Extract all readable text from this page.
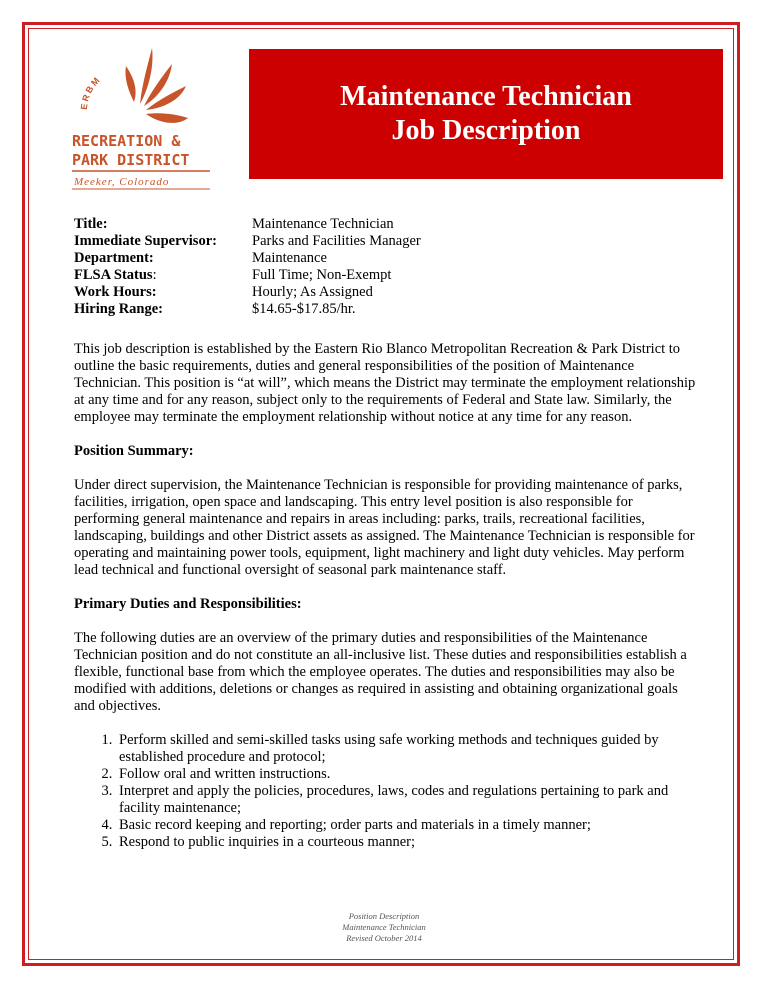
ERBM
RECREATION &
PARK DISTRICT
Meeker, Colorado
Maintenance Technician
Job Description
Title:	Maintenance Technician
Immediate Supervisor:	Parks and Facilities Manager
Department:	Maintenance
FLSA Status:	Full Time; Non-Exempt
Work Hours:	Hourly; As Assigned
Hiring Range:	$14.65-$17.85/hr.

This job description is established by the Eastern Rio Blanco Metropolitan Recreation & Park District to outline the basic requirements, duties and general responsibilities of the position of Maintenance Technician. This position is “at will”, which means the District may terminate the employment relationship at any time and for any reason, subject only to the requirements of Federal and State law. Similarly, the employee may terminate the employment relationship without notice at any time for any reason.

Position Summary:

Under direct supervision, the Maintenance Technician is responsible for providing maintenance of parks, facilities, irrigation, open space and landscaping. This entry level position is also responsible for performing general maintenance and repairs in areas including: parks, trails, recreational facilities, landscaping, buildings and other District assets as assigned. The Maintenance Technician is responsible for operating and maintaining power tools, equipment, light machinery and light duty vehicles. May perform lead technical and functional oversight of seasonal park maintenance staff.

Primary Duties and Responsibilities:

The following duties are an overview of the primary duties and responsibilities of the Maintenance Technician position and do not constitute an all-inclusive list. These duties and responsibilities establish a flexible, functional base from which the employee operates. The duties and responsibilities may also be modified with additions, deletions or changes as required in assisting and obtaining organizational goals and objectives.

1. Perform skilled and semi-skilled tasks using safe working methods and techniques guided by established procedure and protocol;
2. Follow oral and written instructions.
3. Interpret and apply the policies, procedures, laws, codes and regulations pertaining to park and facility maintenance;
4. Basic record keeping and reporting; order parts and materials in a timely manner;
5. Respond to public inquiries in a courteous manner;
Position Description
Maintenance Technician
Revised October 2014
